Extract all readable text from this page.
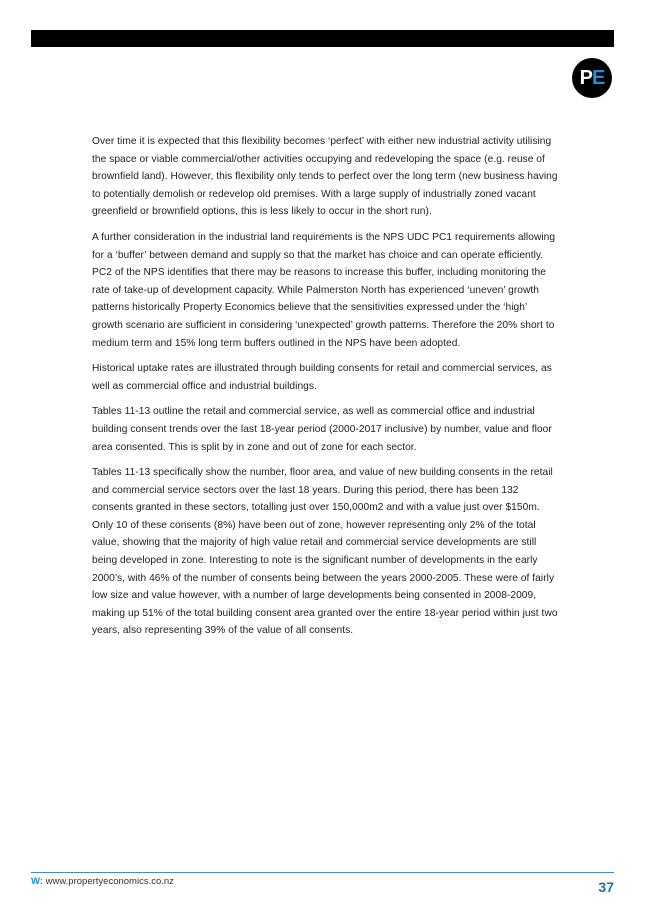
P E

Over time it is expected that this flexibility becomes ‘perfect’ with either new industrial activity utilising the space or viable commercial/other activities occupying and redeveloping the space (e.g. reuse of brownfield land). However, this flexibility only tends to perfect over the long term (new business having to potentially demolish or redevelop old premises. With a large supply of industrially zoned vacant greenfield or brownfield options, this is less likely to occur in the short run).

A further consideration in the industrial land requirements is the NPS UDC PC1 requirements allowing for a ‘buffer’ between demand and supply so that the market has choice and can operate efficiently. PC2 of the NPS identifies that there may be reasons to increase this buffer, including monitoring the rate of take-up of development capacity. While Palmerston North has experienced ‘uneven’ growth patterns historically Property Economics believe that the sensitivities expressed under the ‘high’ growth scenario are sufficient in considering ‘unexpected’ growth patterns. Therefore the 20% short to medium term and 15% long term buffers outlined in the NPS have been adopted.

Historical uptake rates are illustrated through building consents for retail and commercial services, as well as commercial office and industrial buildings.

Tables 11-13 outline the retail and commercial service, as well as commercial office and industrial building consent trends over the last 18-year period (2000-2017 inclusive) by number, value and floor area consented. This is split by in zone and out of zone for each sector.

Tables 11-13 specifically show the number, floor area, and value of new building consents in the retail and commercial service sectors over the last 18 years. During this period, there has been 132 consents granted in these sectors, totalling just over 150,000m2 and with a value just over $150m. Only 10 of these consents (8%) have been out of zone, however representing only 2% of the total value, showing that the majority of high value retail and commercial service developments are still being developed in zone. Interesting to note is the significant number of developments in the early 2000’s, with 46% of the number of consents being between the years 2000-2005. These were of fairly low size and value however, with a number of large developments being consented in 2008-2009, making up 51% of the total building consent area granted over the entire 18-year period within just two years, also representing 39% of the value of all consents.

W: www.propertyeconomics.co.nz	37
